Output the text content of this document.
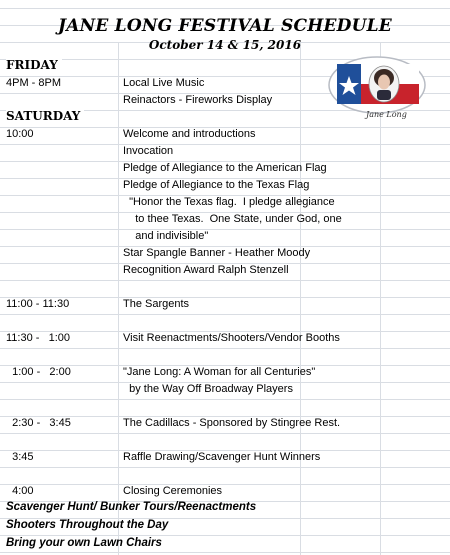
JANE LONG FESTIVAL SCHEDULE
October 14 & 15, 2016
Jane Long
FRIDAY
4PM - 8PM	Local Live Music
Reinactors - Fireworks Display
SATURDAY
10:00	Welcome and introductions
Invocation
Pledge of Allegiance to the American Flag
Pledge of Allegiance to the Texas Flag
"Honor the Texas flag.  I pledge allegiance
to thee Texas.  One State, under God, one
and indivisible"
Star Spangle Banner - Heather Moody
Recognition Award Ralph Stenzell
11:00 - 11:30	The Sargents
11:30 -   1:00	Visit Reenactments/Shooters/Vendor Booths
1:00 -   2:00	"Jane Long: A Woman for all Centuries"
by the Way Off Broadway Players
2:30 -   3:45	The Cadillacs - Sponsored by Stingree Rest.
3:45	Raffle Drawing/Scavenger Hunt Winners
4:00	Closing Ceremonies
Scavenger Hunt/ Bunker Tours/Reenactments
Shooters Throughout the Day
Bring your own Lawn Chairs
